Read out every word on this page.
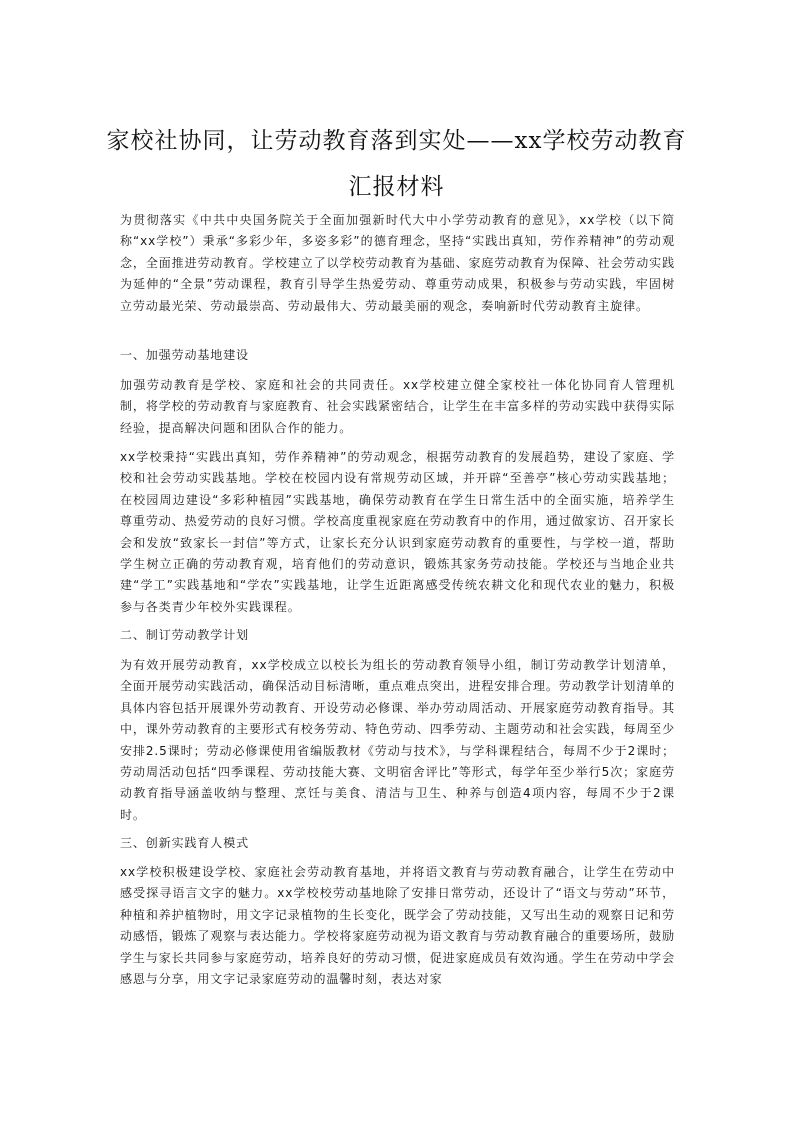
家校社协同，让劳动教育落到实处——xx学校劳动教育汇报材料

为贯彻落实《中共中央国务院关于全面加强新时代大中小学劳动教育的意见》，xx学校（以下简称“xx学校”）秉承“多彩少年，多姿多彩”的德育理念，坚持“实践出真知，劳作养精神”的劳动观念，全面推进劳动教育。学校建立了以学校劳动教育为基础、家庭劳动教育为保障、社会劳动实践为延伸的“全景”劳动课程，教育引导学生热爱劳动、尊重劳动成果，积极参与劳动实践，牢固树立劳动最光荣、劳动最崇高、劳动最伟大、劳动最美丽的观念，奏响新时代劳动教育主旋律。

一、加强劳动基地建设

加强劳动教育是学校、家庭和社会的共同责任。xx学校建立健全家校社一体化协同育人管理机制，将学校的劳动教育与家庭教育、社会实践紧密结合，让学生在丰富多样的劳动实践中获得实际经验，提高解决问题和团队合作的能力。

xx学校秉持“实践出真知，劳作养精神”的劳动观念，根据劳动教育的发展趋势，建设了家庭、学校和社会劳动实践基地。学校在校园内设有常规劳动区域，并开辟“至善亭”核心劳动实践基地；在校园周边建设“多彩种植园”实践基地，确保劳动教育在学生日常生活中的全面实施，培养学生尊重劳动、热爱劳动的良好习惯。学校高度重视家庭在劳动教育中的作用，通过做家访、召开家长会和发放“致家长一封信”等方式，让家长充分认识到家庭劳动教育的重要性，与学校一道，帮助学生树立正确的劳动教育观，培育他们的劳动意识，锻炼其家务劳动技能。学校还与当地企业共建“学工”实践基地和“学农”实践基地，让学生近距离感受传统农耕文化和现代农业的魅力，积极参与各类青少年校外实践课程。

二、制订劳动教学计划

为有效开展劳动教育，xx学校成立以校长为组长的劳动教育领导小组，制订劳动教学计划清单，全面开展劳动实践活动，确保活动目标清晰，重点难点突出，进程安排合理。劳动教学计划清单的具体内容包括开展课外劳动教育、开设劳动必修课、举办劳动周活动、开展家庭劳动教育指导。其中，课外劳动教育的主要形式有校务劳动、特色劳动、四季劳动、主题劳动和社会实践，每周至少安排2.5课时；劳动必修课使用省编版教材《劳动与技术》，与学科课程结合，每周不少于2课时；劳动周活动包括“四季课程、劳动技能大赛、文明宿舍评比”等形式，每学年至少举行5次；家庭劳动教育指导涵盖收纳与整理、烹饪与美食、清洁与卫生、种养与创造4项内容，每周不少于2课时。

三、创新实践育人模式

xx学校积极建设学校、家庭社会劳动教育基地，并将语文教育与劳动教育融合，让学生在劳动中感受探寻语言文字的魅力。xx学校校劳动基地除了安排日常劳动，还设计了“语文与劳动”环节，种植和养护植物时，用文字记录植物的生长变化，既学会了劳动技能，又写出生动的观察日记和劳动感悟，锻炼了观察与表达能力。学校将家庭劳动视为语文教育与劳动教育融合的重要场所，鼓励学生与家长共同参与家庭劳动，培养良好的劳动习惯，促进家庭成员有效沟通。学生在劳动中学会感恩与分享，用文字记录家庭劳动的温馨时刻，表达对家
